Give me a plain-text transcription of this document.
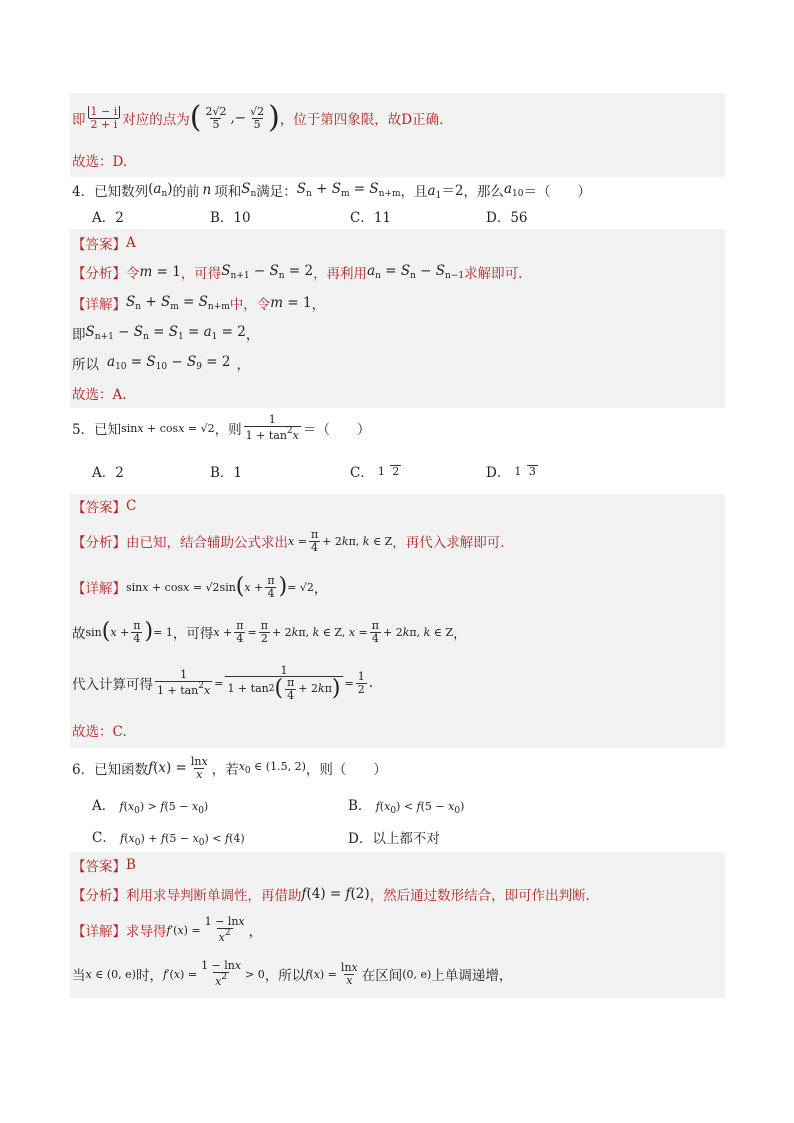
即 $\frac{1 - i}{2 + i}$ 对应的点为 ( $\frac{2√2}{5}$ ,− $\frac{√2}{5}$ ) ，位于第四象限，故D正确.
故选：D.
4．已知数列 $(a_n)$ 的前 n 项和 $S_n$ 满足： $S_n + S_m = S_{n+m}$ ，且 $a_1=2$ ，那么 $a_{10}$ ＝（　　）
A．2	B．10	C．11	D．56
【答案】 A
【分析】 令 m = 1 ，可得 $S_{n+1} - S_n = 2$ ，再利用 $a_n = S_n - S_{n-1}$ 求解即可.
【详解】 $S_n + S_m = S_{n+m}$ 中，令 m = 1 ，
即 $S_{n+1} - S_n = S_1 = a_1 = 2$ ，
所以 $a_{10} = S_{10} - S_9 = 2$ ，
故选：A.
5．已知 sinx + cosx = √2 ，则 $\frac{1}{1 + \tan^2x}$ ＝（　　）
A．2	B．1	C． 1 2	D． 1 3
【答案】 C
【分析】 由已知，结合辅助公式求出 $x = \frac{\pi}{4} + 2k\pi$, k ∈ Z ，再代入求解即可.
【详解】 sinx + cosx = √2sin ( $x + \frac{\pi}{4}$ ) = √2 ，
故 sin ( $x + \frac{\pi}{4}$ ) = 1 ，可得 $x + \frac{\pi}{4} = \frac{\pi}{2} + 2k\pi$, k ∈ Z, $x = \frac{\pi}{4} + 2k\pi$, k ∈ Z ，
代入计算可得 $\frac{1}{1 + \tan^2x} = \frac{1}{1 + \tan 2 ( \frac{\pi}{4} + 2 k \pi )} = \frac{1}{2}$ .
故选：C.
6．已知函数 $f(x) = \frac{\ln x}{x}$ ，若 $x_0$ ∈ (1.5, 2) ，则（　　）
A． f(x0) > f(5 − x0)	B． f(x0) < f(5 − x0)
C． f(x0) + f(5 − x0) < f(4)	D．以上都不对
【答案】 B
【分析】 利用求导判断单调性，再借助 f(4) = f(2) ，然后通过数形结合，即可作出判断.
【详解】 求导得 $f'(x) = \frac{1 - \ln x}{x^2}$ ，
当 x ∈ (0, e) 时， $f'(x) = \frac{1 - \ln x}{x^2} > 0$ ，所以 $f(x) = \frac{\ln x}{x}$ 在区间 (0, e) 上单调递增，
